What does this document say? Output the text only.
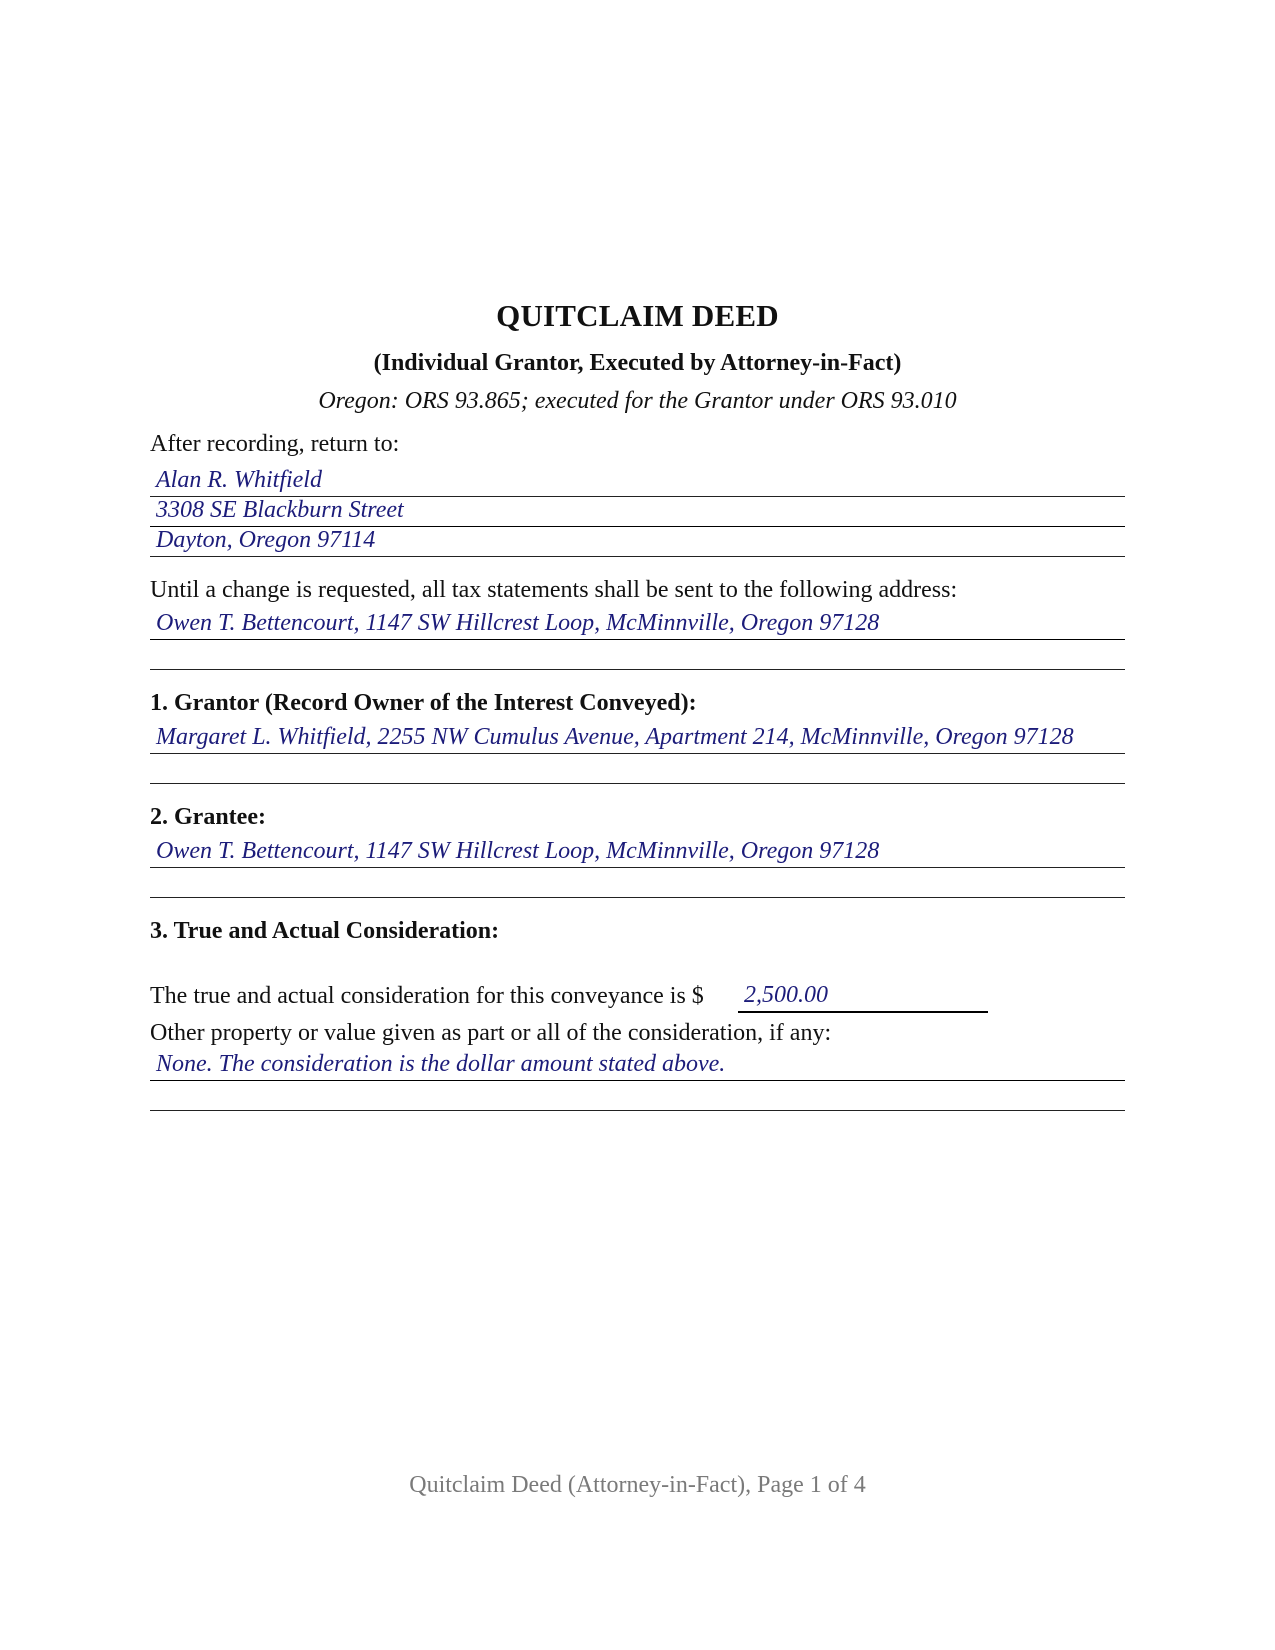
QUITCLAIM DEED
(Individual Grantor, Executed by Attorney-in-Fact)
Oregon: ORS 93.865; executed for the Grantor under ORS 93.010
After recording, return to:
Alan R. Whitfield
3308 SE Blackburn Street
Dayton, Oregon 97114
Until a change is requested, all tax statements shall be sent to the following address:
Owen T. Bettencourt, 1147 SW Hillcrest Loop, McMinnville, Oregon 97128
1. Grantor (Record Owner of the Interest Conveyed):
Margaret L. Whitfield, 2255 NW Cumulus Avenue, Apartment 214, McMinnville, Oregon 97128
2. Grantee:
Owen T. Bettencourt, 1147 SW Hillcrest Loop, McMinnville, Oregon 97128
3. True and Actual Consideration:
The true and actual consideration for this conveyance is $ 2,500.00
Other property or value given as part or all of the consideration, if any:
None. The consideration is the dollar amount stated above.
Quitclaim Deed (Attorney-in-Fact), Page 1 of 4
